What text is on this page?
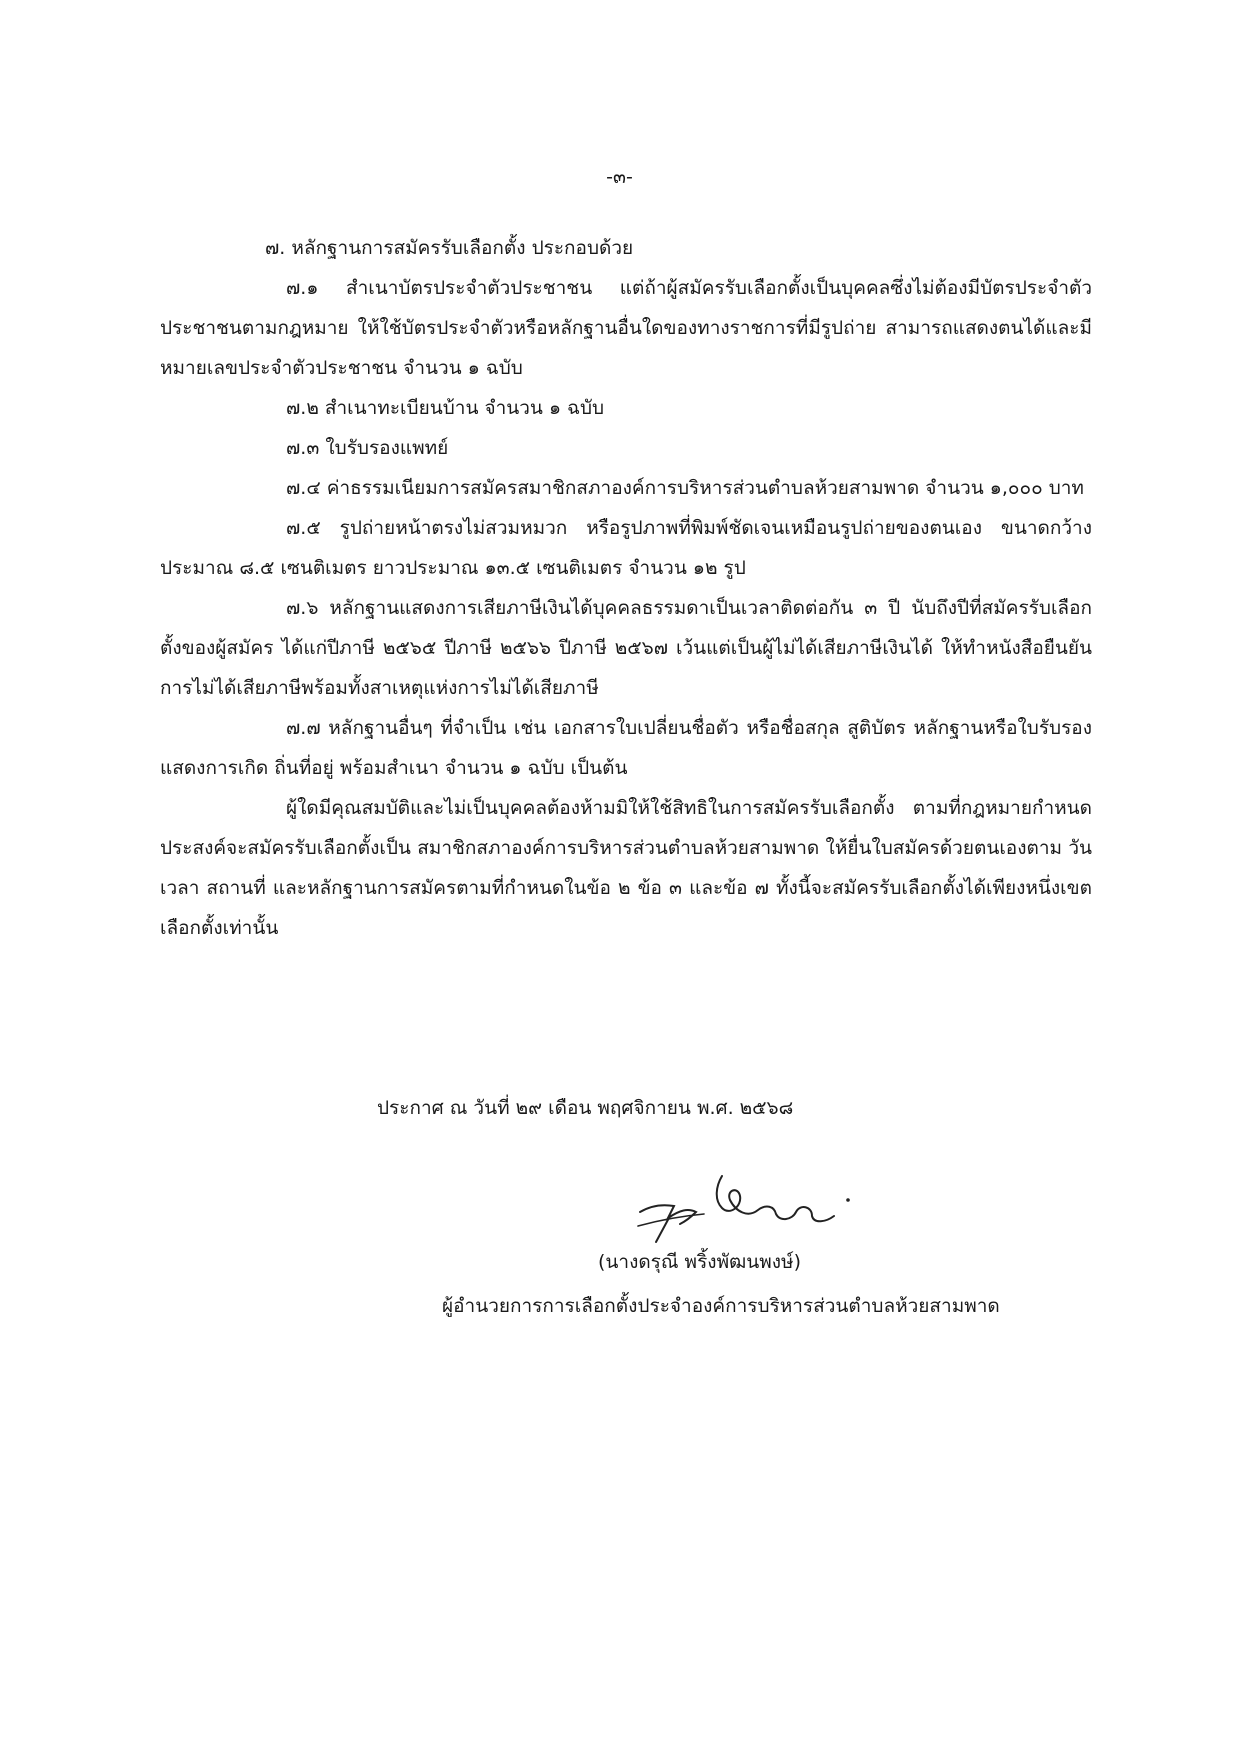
-๓-

๗. หลักฐานการสมัครรับเลือกตั้ง ประกอบด้วย

๗.๑ สำเนาบัตรประจำตัวประชาชน แต่ถ้าผู้สมัครรับเลือกตั้งเป็นบุคคลซึ่งไม่ต้องมีบัตรประจำตัวประชาชนตามกฎหมาย ให้ใช้บัตรประจำตัวหรือหลักฐานอื่นใดของทางราชการที่มีรูปถ่าย สามารถแสดงตนได้และมีหมายเลขประจำตัวประชาชน จำนวน ๑ ฉบับ

๗.๒ สำเนาทะเบียนบ้าน จำนวน ๑ ฉบับ

๗.๓ ใบรับรองแพทย์

๗.๔ ค่าธรรมเนียมการสมัครสมาชิกสภาองค์การบริหารส่วนตำบลห้วยสามพาด จำนวน ๑,๐๐๐ บาท

๗.๕ รูปถ่ายหน้าตรงไม่สวมหมวก หรือรูปภาพที่พิมพ์ชัดเจนเหมือนรูปถ่ายของตนเอง ขนาดกว้างประมาณ ๘.๕ เซนติเมตร ยาวประมาณ ๑๓.๕ เซนติเมตร จำนวน ๑๒ รูป

๗.๖ หลักฐานแสดงการเสียภาษีเงินได้บุคคลธรรมดาเป็นเวลาติดต่อกัน ๓ ปี นับถึงปีที่สมัครรับเลือกตั้งของผู้สมัคร ได้แก่ปีภาษี ๒๕๖๕ ปีภาษี ๒๕๖๖ ปีภาษี ๒๕๖๗ เว้นแต่เป็นผู้ไม่ได้เสียภาษีเงินได้ ให้ทำหนังสือยืนยันการไม่ได้เสียภาษีพร้อมทั้งสาเหตุแห่งการไม่ได้เสียภาษี

๗.๗ หลักฐานอื่นๆ ที่จำเป็น เช่น เอกสารใบเปลี่ยนชื่อตัว หรือชื่อสกุล สูติบัตร หลักฐานหรือใบรับรองแสดงการเกิด ถิ่นที่อยู่ พร้อมสำเนา จำนวน ๑ ฉบับ เป็นต้น

ผู้ใดมีคุณสมบัติและไม่เป็นบุคคลต้องห้ามมิให้ใช้สิทธิในการสมัครรับเลือกตั้ง ตามที่กฎหมายกำหนด ประสงค์จะสมัครรับเลือกตั้งเป็น สมาชิกสภาองค์การบริหารส่วนตำบลห้วยสามพาด ให้ยื่นใบสมัครด้วยตนเองตาม วัน เวลา สถานที่ และหลักฐานการสมัครตามที่กำหนดในข้อ ๒ ข้อ ๓ และข้อ ๗ ทั้งนี้จะสมัครรับเลือกตั้งได้เพียงหนึ่งเขตเลือกตั้งเท่านั้น

ประกาศ ณ วันที่ ๒๙ เดือน พฤศจิกายน พ.ศ. ๒๕๖๘
(นางดรุณี พริ้งพัฒนพงษ์)
ผู้อำนวยการการเลือกตั้งประจำองค์การบริหารส่วนตำบลห้วยสามพาด
